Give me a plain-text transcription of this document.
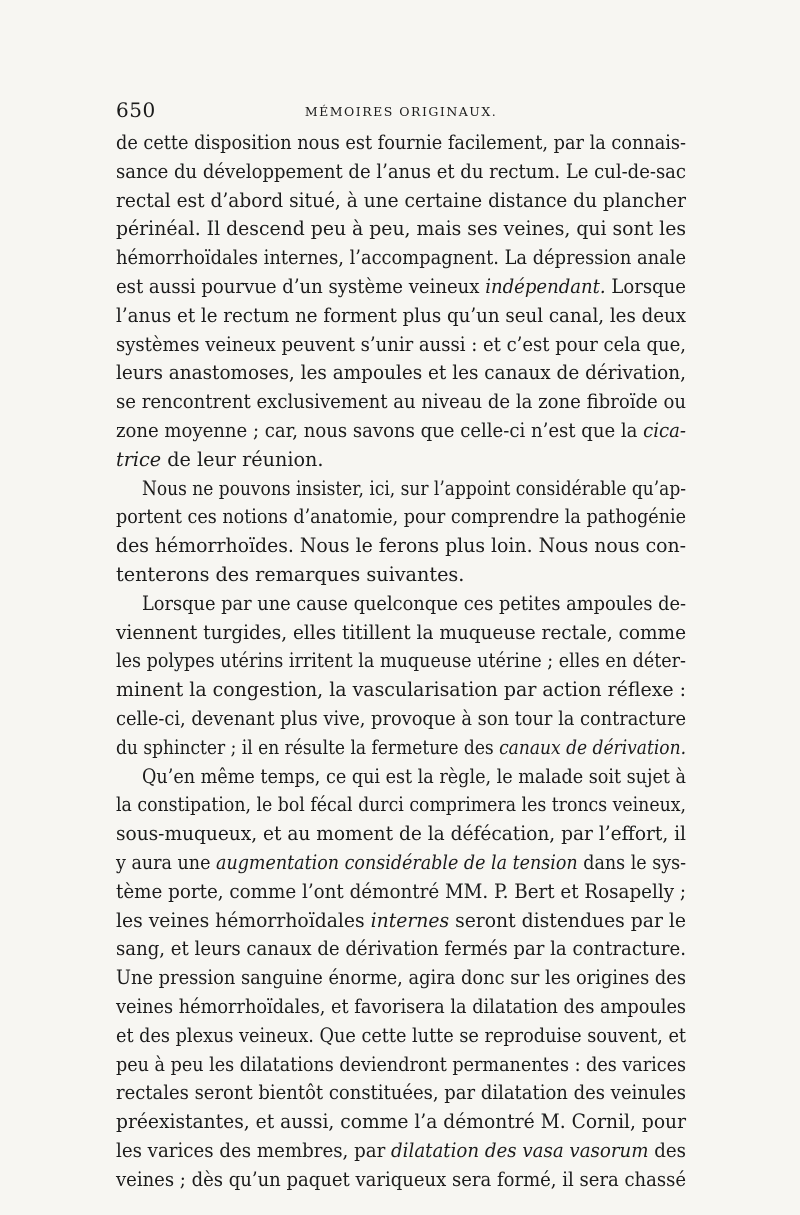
650	MÉMOIRES ORIGINAUX.
de cette disposition nous est fournie facilement, par la connais-
sance du développement de l’anus et du rectum. Le cul-de-sac
rectal est d’abord situé, à une certaine distance du plancher
périnéal. Il descend peu à peu, mais ses veines, qui sont les
hémorrhoïdales internes, l’accompagnent. La dépression anale
est aussi pourvue d’un système veineux indépendant. Lorsque
l’anus et le rectum ne forment plus qu’un seul canal, les deux
systèmes veineux peuvent s’unir aussi : et c’est pour cela que,
leurs anastomoses, les ampoules et les canaux de dérivation,
se rencontrent exclusivement au niveau de la zone fibroïde ou
zone moyenne ; car, nous savons que celle-ci n’est que la cica-
trice de leur réunion.
Nous ne pouvons insister, ici, sur l’appoint considérable qu’ap-
portent ces notions d’anatomie, pour comprendre la pathogénie
des hémorrhoïdes. Nous le ferons plus loin. Nous nous con-
tenterons des remarques suivantes.
Lorsque par une cause quelconque ces petites ampoules de-
viennent turgides, elles titillent la muqueuse rectale, comme
les polypes utérins irritent la muqueuse utérine ; elles en déter-
minent la congestion, la vascularisation par action réflexe :
celle-ci, devenant plus vive, provoque à son tour la contracture
du sphincter ; il en résulte la fermeture des canaux de dérivation.
Qu’en même temps, ce qui est la règle, le malade soit sujet à
la constipation, le bol fécal durci comprimera les troncs veineux,
sous-muqueux, et au moment de la défécation, par l’effort, il
y aura une augmentation considérable de la tension dans le sys-
tème porte, comme l’ont démontré MM. P. Bert et Rosapelly ;
les veines hémorrhoïdales internes seront distendues par le
sang, et leurs canaux de dérivation fermés par la contracture.
Une pression sanguine énorme, agira donc sur les origines des
veines hémorrhoïdales, et favorisera la dilatation des ampoules
et des plexus veineux. Que cette lutte se reproduise souvent, et
peu à peu les dilatations deviendront permanentes : des varices
rectales seront bientôt constituées, par dilatation des veinules
préexistantes, et aussi, comme l’a démontré M. Cornil, pour
les varices des membres, par dilatation des vasa vasorum des
veines ; dès qu’un paquet variqueux sera formé, il sera chassé
